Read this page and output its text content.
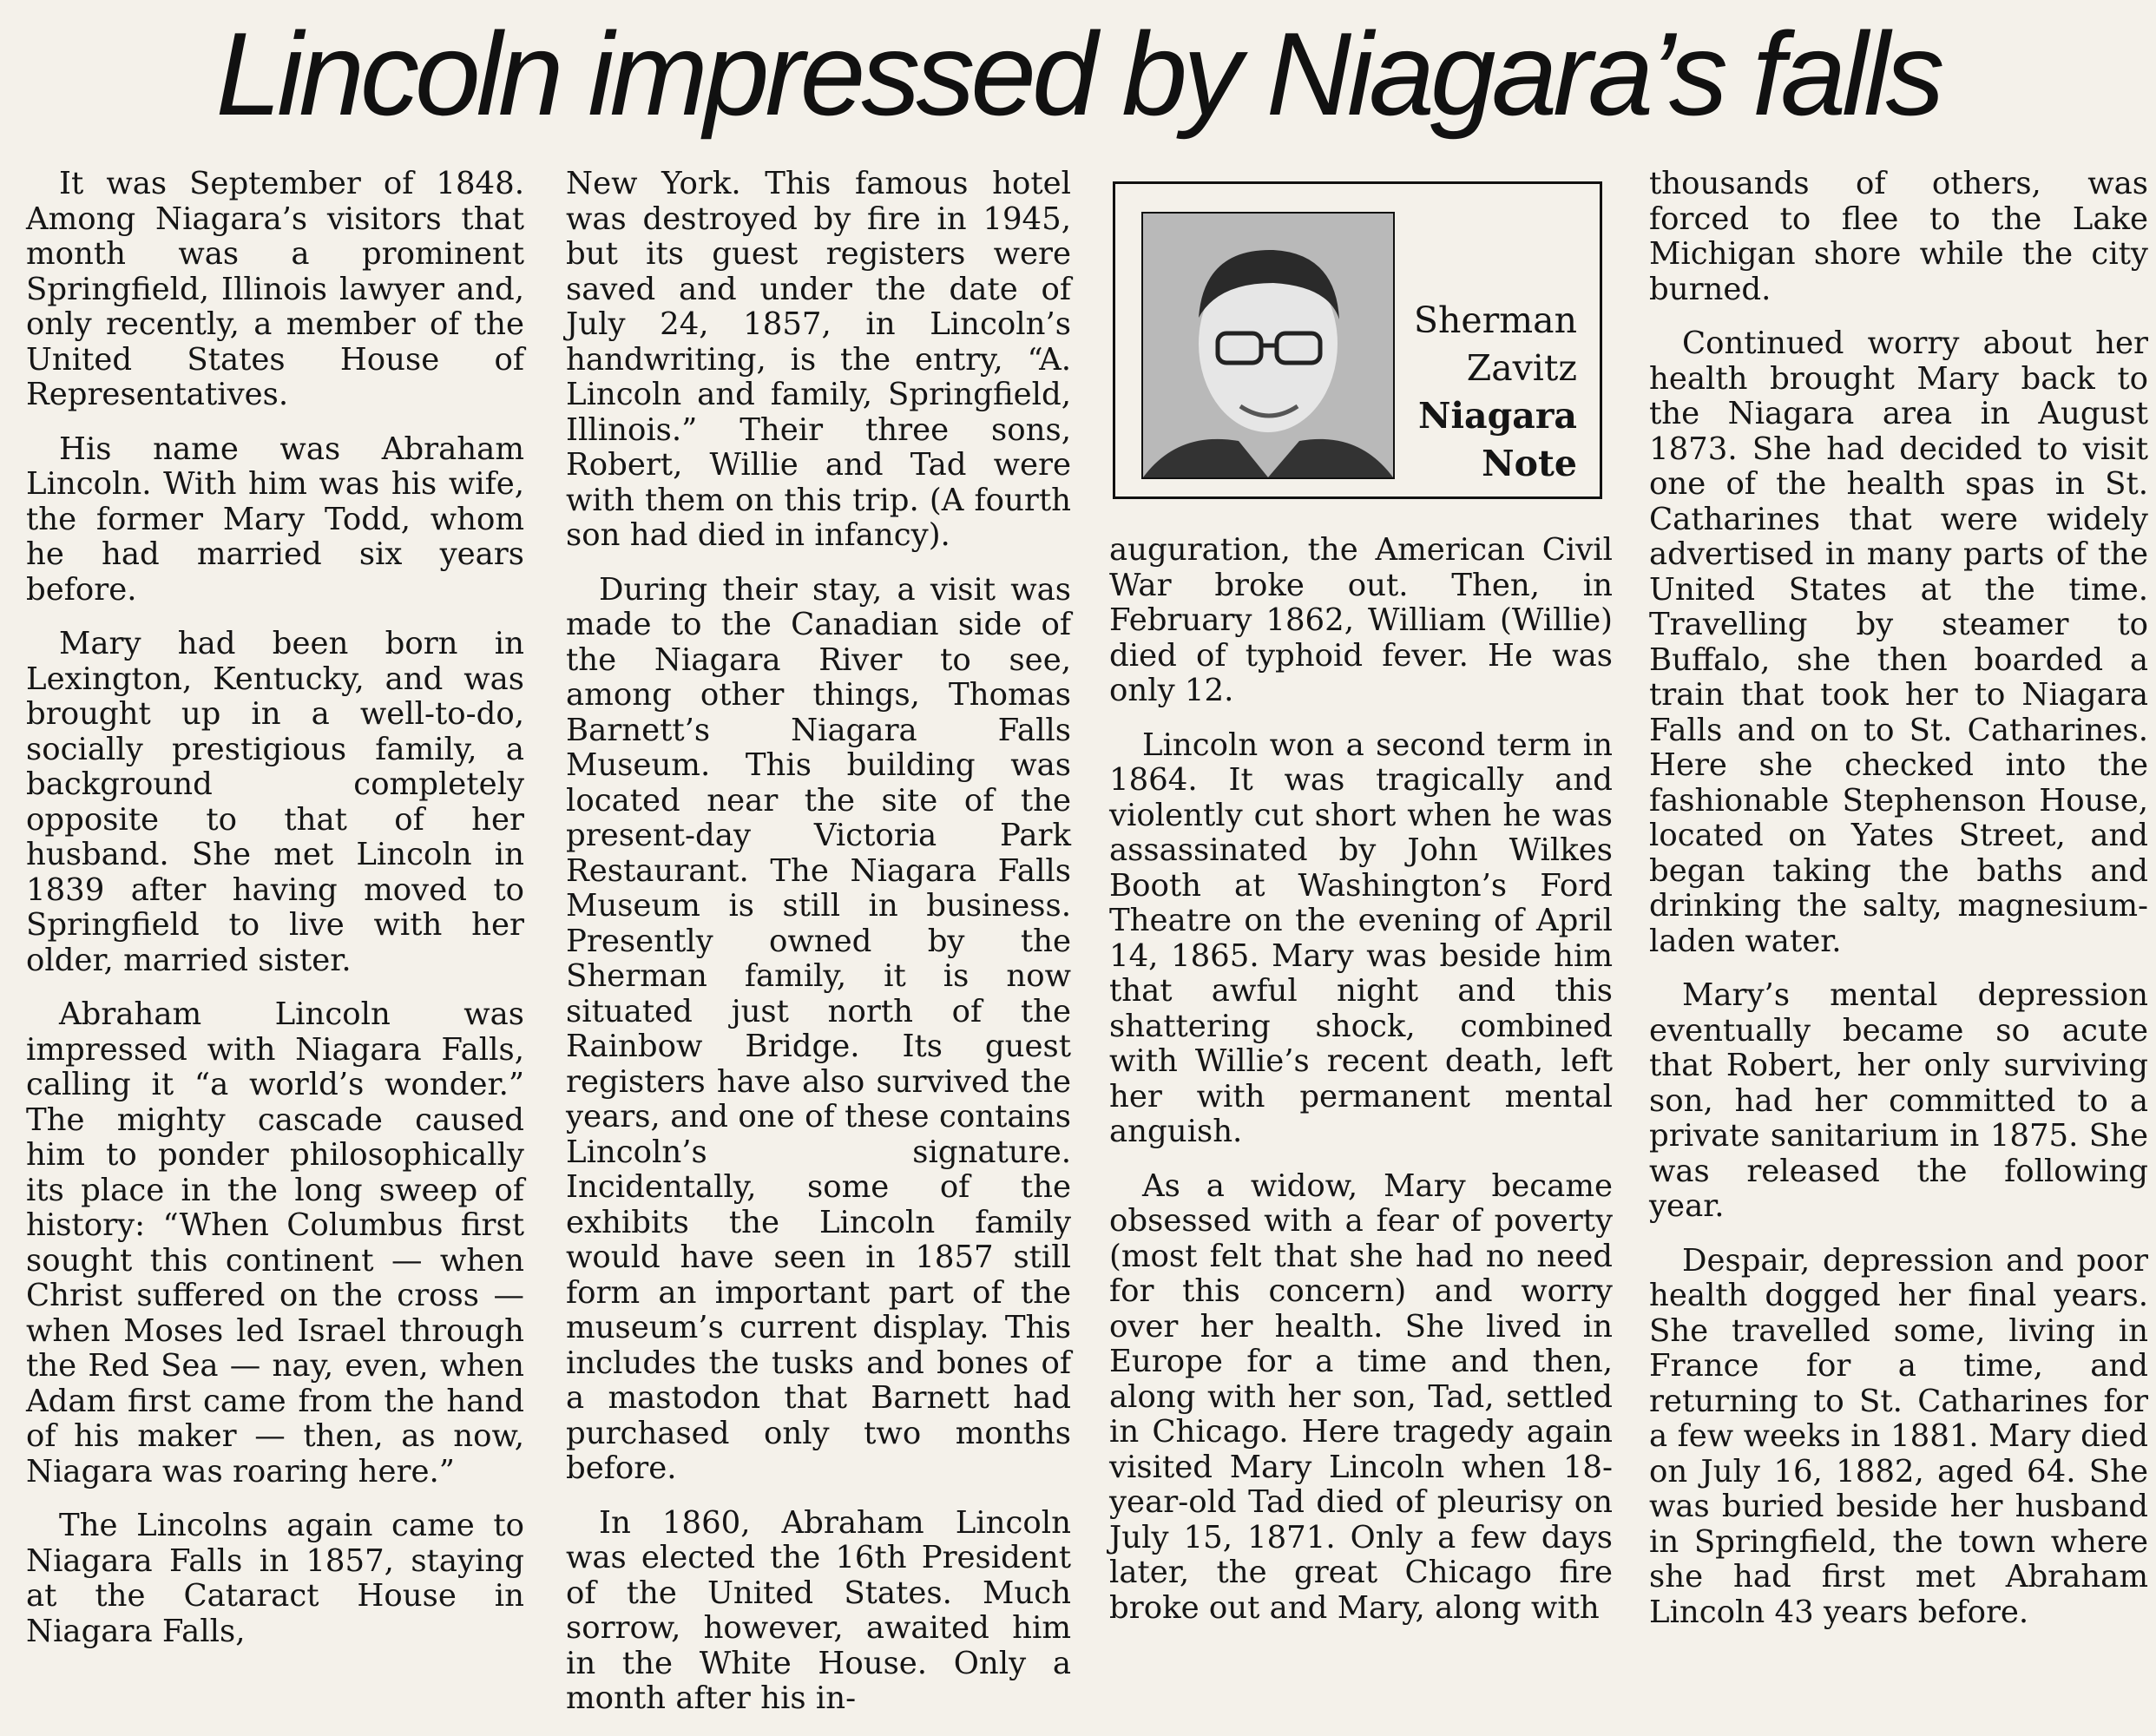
Lincoln impressed by Niagara’s falls

It was September of 1848. Among Niagara’s visitors that month was a prominent Springfield, Illinois lawyer and, only recently, a member of the United States House of Representatives.

His name was Abraham Lincoln. With him was his wife, the former Mary Todd, whom he had married six years before.

Mary had been born in Lexington, Kentucky, and was brought up in a well-to-do, socially prestigious family, a background completely opposite to that of her husband. She met Lincoln in 1839 after having moved to Springfield to live with her older, married sister.

Abraham Lincoln was impressed with Niagara Falls, calling it “a world’s wonder.” The mighty cascade caused him to ponder philosophically its place in the long sweep of history: “When Columbus first sought this continent — when Christ suffered on the cross — when Moses led Israel through the Red Sea — nay, even, when Adam first came from the hand of his maker — then, as now, Niagara was roaring here.”

The Lincolns again came to Niagara Falls in 1857, staying at the Cataract House in Niagara Falls,

New York. This famous hotel was destroyed by fire in 1945, but its guest registers were saved and under the date of July 24, 1857, in Lincoln’s handwriting, is the entry, “A. Lincoln and family, Springfield, Illinois.” Their three sons, Robert, Willie and Tad were with them on this trip. (A fourth son had died in infancy).

During their stay, a visit was made to the Canadian side of the Niagara River to see, among other things, Thomas Barnett’s Niagara Falls Museum. This building was located near the site of the present-day Victoria Park Restaurant. The Niagara Falls Museum is still in business. Presently owned by the Sherman family, it is now situated just north of the Rainbow Bridge. Its guest registers have also survived the years, and one of these contains Lincoln’s signature. Incidentally, some of the exhibits the Lincoln family would have seen in 1857 still form an important part of the museum’s current display. This includes the tusks and bones of a mastodon that Barnett had purchased only two months before.

In 1860, Abraham Lincoln was elected the 16th President of the United States. Much sorrow, however, awaited him in the White House. Only a month after his in-

Sherman
Zavitz
Niagara
Note

auguration, the American Civil War broke out. Then, in February 1862, William (Willie) died of typhoid fever. He was only 12.

Lincoln won a second term in 1864. It was tragically and violently cut short when he was assassinated by John Wilkes Booth at Washington’s Ford Theatre on the evening of April 14, 1865. Mary was beside him that awful night and this shattering shock, combined with Willie’s recent death, left her with permanent mental anguish.

As a widow, Mary became obsessed with a fear of poverty (most felt that she had no need for this concern) and worry over her health. She lived in Europe for a time and then, along with her son, Tad, settled in Chicago. Here tragedy again visited Mary Lincoln when 18-year-old Tad died of pleurisy on July 15, 1871. Only a few days later, the great Chicago fire broke out and Mary, along with

thousands of others, was forced to flee to the Lake Michigan shore while the city burned.

Continued worry about her health brought Mary back to the Niagara area in August 1873. She had decided to visit one of the health spas in St. Catharines that were widely advertised in many parts of the United States at the time. Travelling by steamer to Buffalo, she then boarded a train that took her to Niagara Falls and on to St. Catharines. Here she checked into the fashionable Stephenson House, located on Yates Street, and began taking the baths and drinking the salty, magnesium-laden water.

Mary’s mental depression eventually became so acute that Robert, her only surviving son, had her committed to a private sanitarium in 1875. She was released the following year.

Despair, depression and poor health dogged her final years. She travelled some, living in France for a time, and returning to St. Catharines for a few weeks in 1881. Mary died on July 16, 1882, aged 64. She was buried beside her husband in Springfield, the town where she had first met Abraham Lincoln 43 years before.
